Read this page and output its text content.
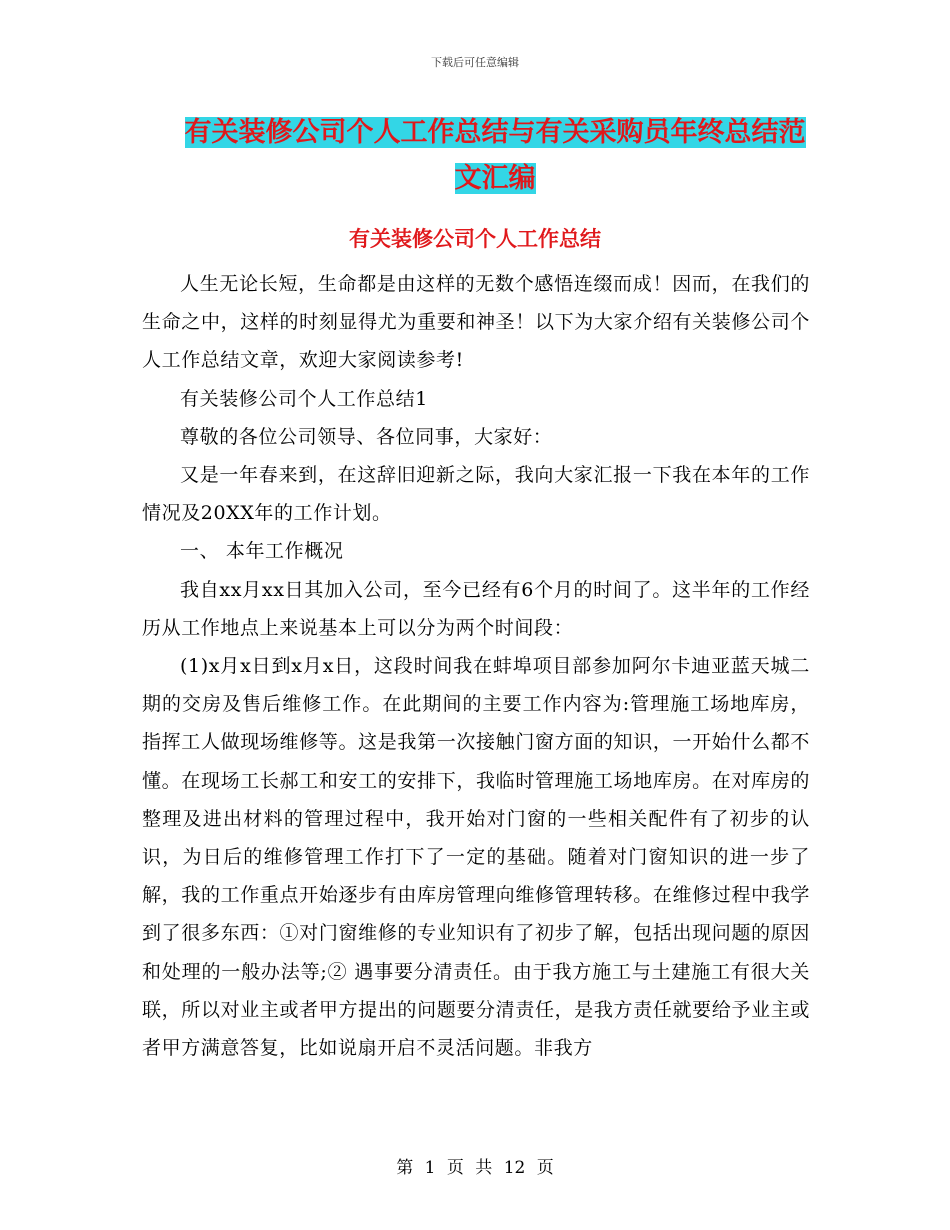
下载后可任意编辑
有关装修公司个人工作总结与有关采购员年终总结范
文汇编
有关装修公司个人工作总结

人生无论长短，生命都是由这样的无数个感悟连缀而成！因而，在我们的生命之中，这样的时刻显得尤为重要和神圣！以下为大家介绍有关装修公司个人工作总结文章，欢迎大家阅读参考!

有关装修公司个人工作总结1

尊敬的各位公司领导、各位同事，大家好：

又是一年春来到，在这辞旧迎新之际，我向大家汇报一下我在本年的工作情况及20XX年的工作计划。

一、 本年工作概况

我自xx月xx日其加入公司，至今已经有6个月的时间了。这半年的工作经历从工作地点上来说基本上可以分为两个时间段：

(1)x月x日到x月x日，这段时间我在蚌埠项目部参加阿尔卡迪亚蓝天城二期的交房及售后维修工作。在此期间的主要工作内容为:管理施工场地库房，指挥工人做现场维修等。这是我第一次接触门窗方面的知识，一开始什么都不懂。在现场工长郝工和安工的安排下，我临时管理施工场地库房。在对库房的整理及进出材料的管理过程中，我开始对门窗的一些相关配件有了初步的认识，为日后的维修管理工作打下了一定的基础。随着对门窗知识的进一步了解，我的工作重点开始逐步有由库房管理向维修管理转移。在维修过程中我学到了很多东西：①对门窗维修的专业知识有了初步了解，包括出现问题的原因和处理的一般办法等;② 遇事要分清责任。由于我方施工与土建施工有很大关联，所以对业主或者甲方提出的问题要分清责任，是我方责任就要给予业主或者甲方满意答复，比如说扇开启不灵活问题。非我方

第 1 页 共 12 页
